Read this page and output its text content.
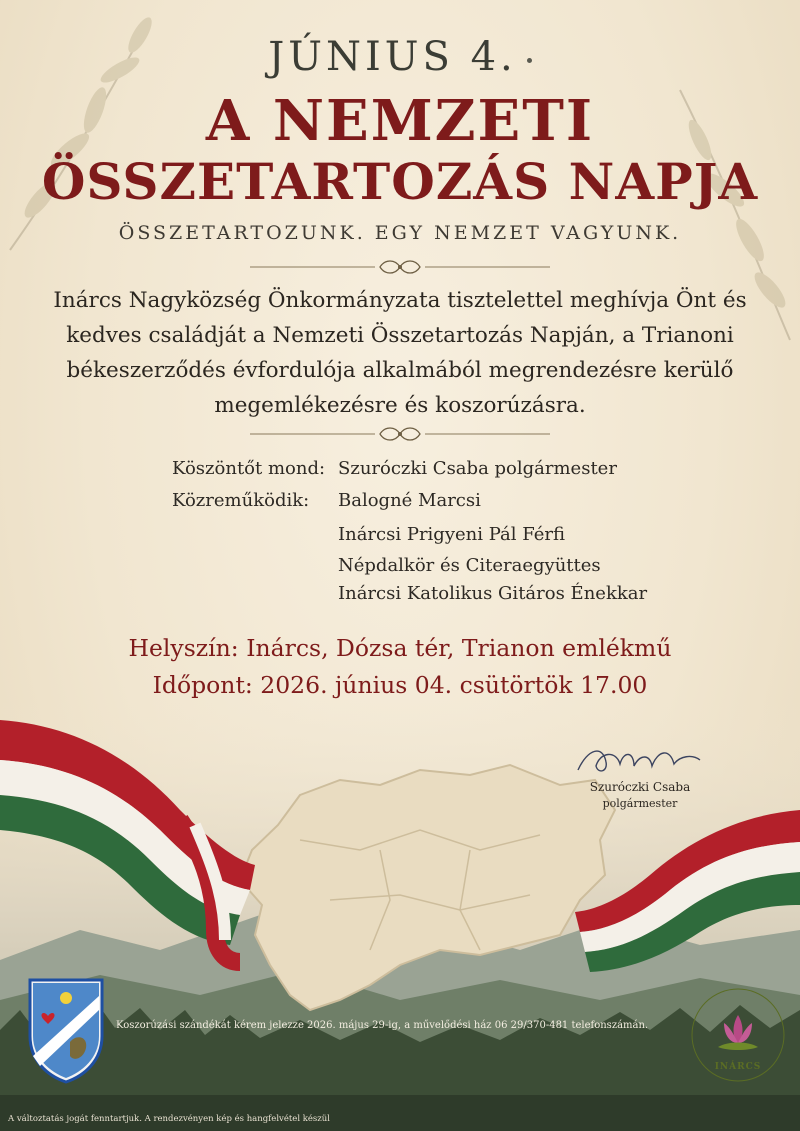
JÚNIUS 4.
A NEMZETI
ÖSSZETARTOZÁS NAPJA
ÖSSZETARTOZUNK. EGY NEMZET VAGYUNK.
Inárcs Nagyközség Önkormányzata tisztelettel meghívja Önt és
kedves családját a Nemzeti Összetartozás Napján, a Trianoni
békeszerződés évfordulója alkalmából megrendezésre kerülő
megemlékezésre és koszorúzásra.
Köszöntőt mond: Szuróczki Csaba polgármester
Közreműködik: Balogné Marcsi
Inárcsi Prigyeni Pál Férfi Népdalkör és Citeraegyüttes
Inárcsi Katolikus Gitáros Énekkar
Helyszín: Inárcs, Dózsa tér, Trianon emlékmű
Időpont: 2026. június 04. csütörtök 17.00
Szuróczki Csaba
polgármester
INÁRCS
Koszorúzási szándékát kérem jelezze 2026. május 29-ig, a művelődési ház 06 29/370-481 telefonszámán.
A változtatás jogát fenntartjuk. A rendezvényen kép és hangfelvétel készül
